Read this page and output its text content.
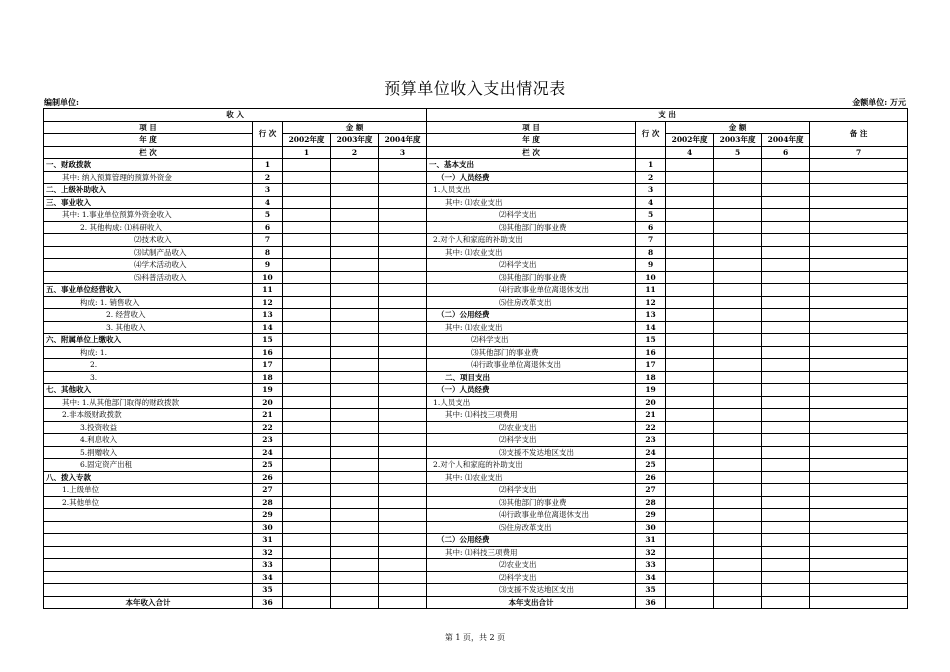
预算单位收入支出情况表
编制单位:	金额单位: 万元
收 入					支 出					
项 目	行 次	金 额			项 目	行 次	金 额			备 注
年 度		2002年度	2003年度	2004年度	年 度		2002年度	2003年度	2004年度	
栏 次		1	2	3	栏 次		4	5	6	7
一、财政拨款	1				一、基本支出	1				
其中: 纳入预算管理的预算外资金	2				（一）人员经费	2				
二、上级补助收入	3				1.人员支出	3				
三、事业收入	4				其中: ⑴农业支出	4				
其中: 1.事业单位预算外资金收入	5				⑵科学支出	5				
2. 其他构成: ⑴科研收入	6				⑶其他部门的事业费	6				
⑵技术收入	7				2.对个人和家庭的补助支出	7				
⑶试制产品收入	8				其中: ⑴农业支出	8				
⑷学术活动收入	9				⑵科学支出	9				
⑸科普活动收入	10				⑶其他部门的事业费	10				
五、事业单位经营收入	11				⑷行政事业单位离退休支出	11				
构成: 1. 销售收入	12				⑸住房改革支出	12				
2. 经营收入	13				（二）公用经费	13				
3. 其他收入	14				其中: ⑴农业支出	14				
六、附属单位上缴收入	15				⑵科学支出	15				
构成: 1.	16				⑶其他部门的事业费	16				
2.	17				⑷行政事业单位离退休支出	17				
3.	18				二、项目支出	18				
七、其他收入	19				（一）人员经费	19				
其中: 1.从其他部门取得的财政拨款	20				1.人员支出	20				
2.非本级财政拨款	21				其中: ⑴科技三项费用	21				
3.投资收益	22				⑵农业支出	22				
4.利息收入	23				⑵科学支出	23				
5.捐赠收入	24				⑶支援不发达地区支出	24				
6.固定资产出租	25				2.对个人和家庭的补助支出	25				
八、拨入专款	26				其中: ⑴农业支出	26				
1.上级单位	27				⑵科学支出	27				
2.其他单位	28				⑶其他部门的事业费	28				
	29				⑷行政事业单位离退休支出	29				
	30				⑸住房改革支出	30				
	31				（二）公用经费	31				
	32				其中: ⑴科技三项费用	32				
	33				⑵农业支出	33				
	34				⑵科学支出	34				
	35				⑶支援不发达地区支出	35				
本年收入合计	36				本年支出合计	36				
第 1 页，共 2 页
